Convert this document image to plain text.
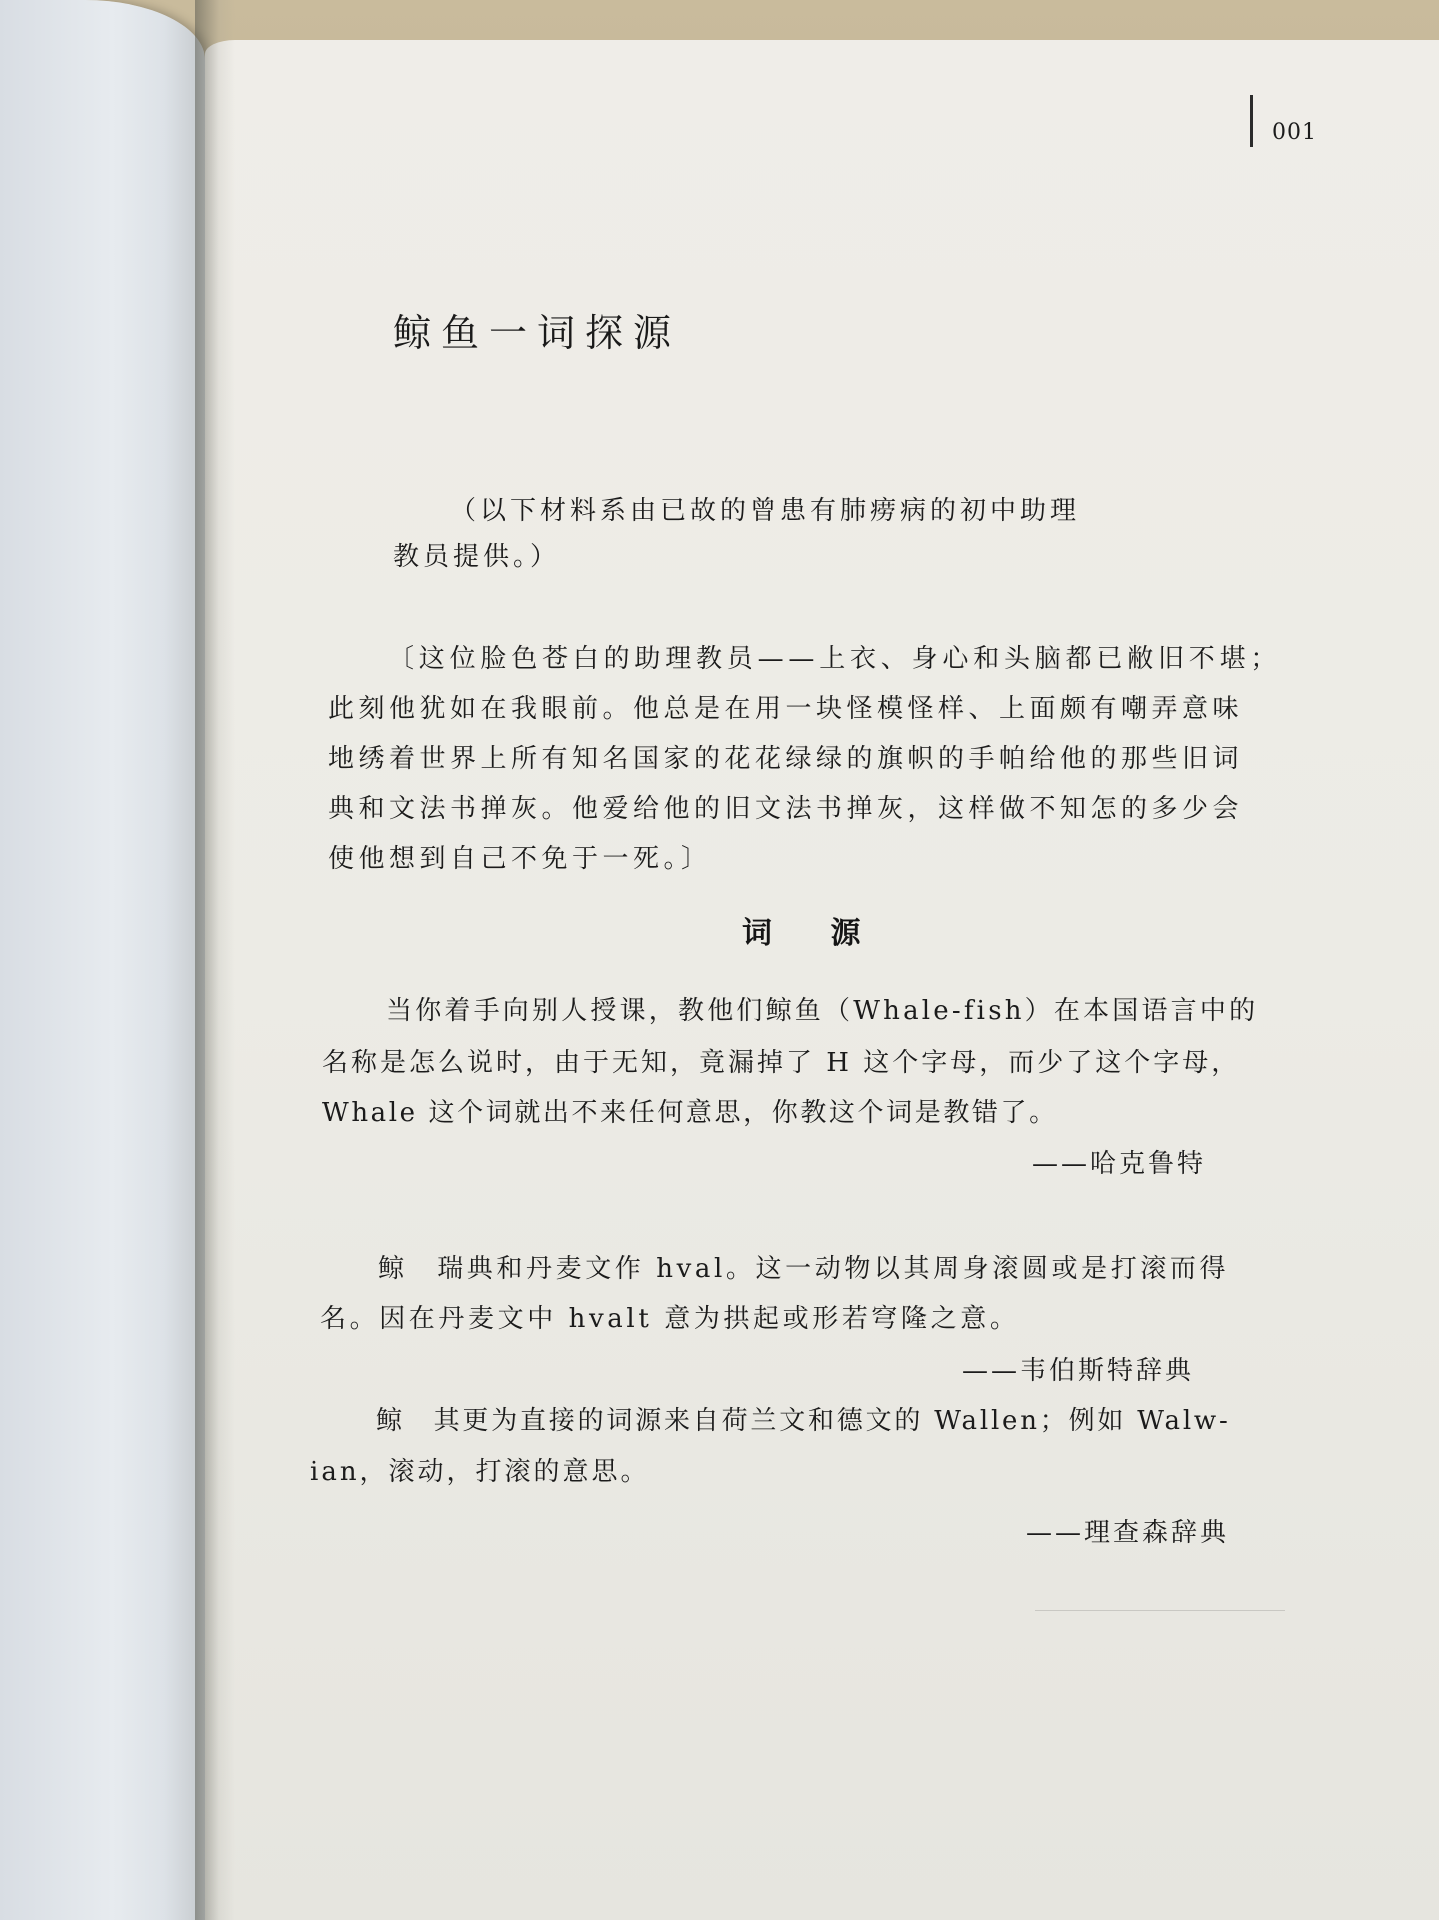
001
鲸鱼一词探源
（以下材料系由已故的曾患有肺痨病的初中助理
教员提供。）
〔这位脸色苍白的助理教员——上衣、身心和头脑都已敝旧不堪；
此刻他犹如在我眼前。他总是在用一块怪模怪样、上面颇有嘲弄意味
地绣着世界上所有知名国家的花花绿绿的旗帜的手帕给他的那些旧词
典和文法书掸灰。他爱给他的旧文法书掸灰，这样做不知怎的多少会
使他想到自己不免于一死。〕
词 源
当你着手向别人授课，教他们鲸鱼（Whale-fish）在本国语言中的
名称是怎么说时，由于无知，竟漏掉了 H 这个字母，而少了这个字母，
Whale 这个词就出不来任何意思，你教这个词是教错了。
——哈克鲁特
鲸　瑞典和丹麦文作 hval。这一动物以其周身滚圆或是打滚而得
名。因在丹麦文中 hvalt 意为拱起或形若穹隆之意。
——韦伯斯特辞典
鲸　其更为直接的词源来自荷兰文和德文的 Wallen；例如 Walw-
ian，滚动，打滚的意思。
——理查森辞典
